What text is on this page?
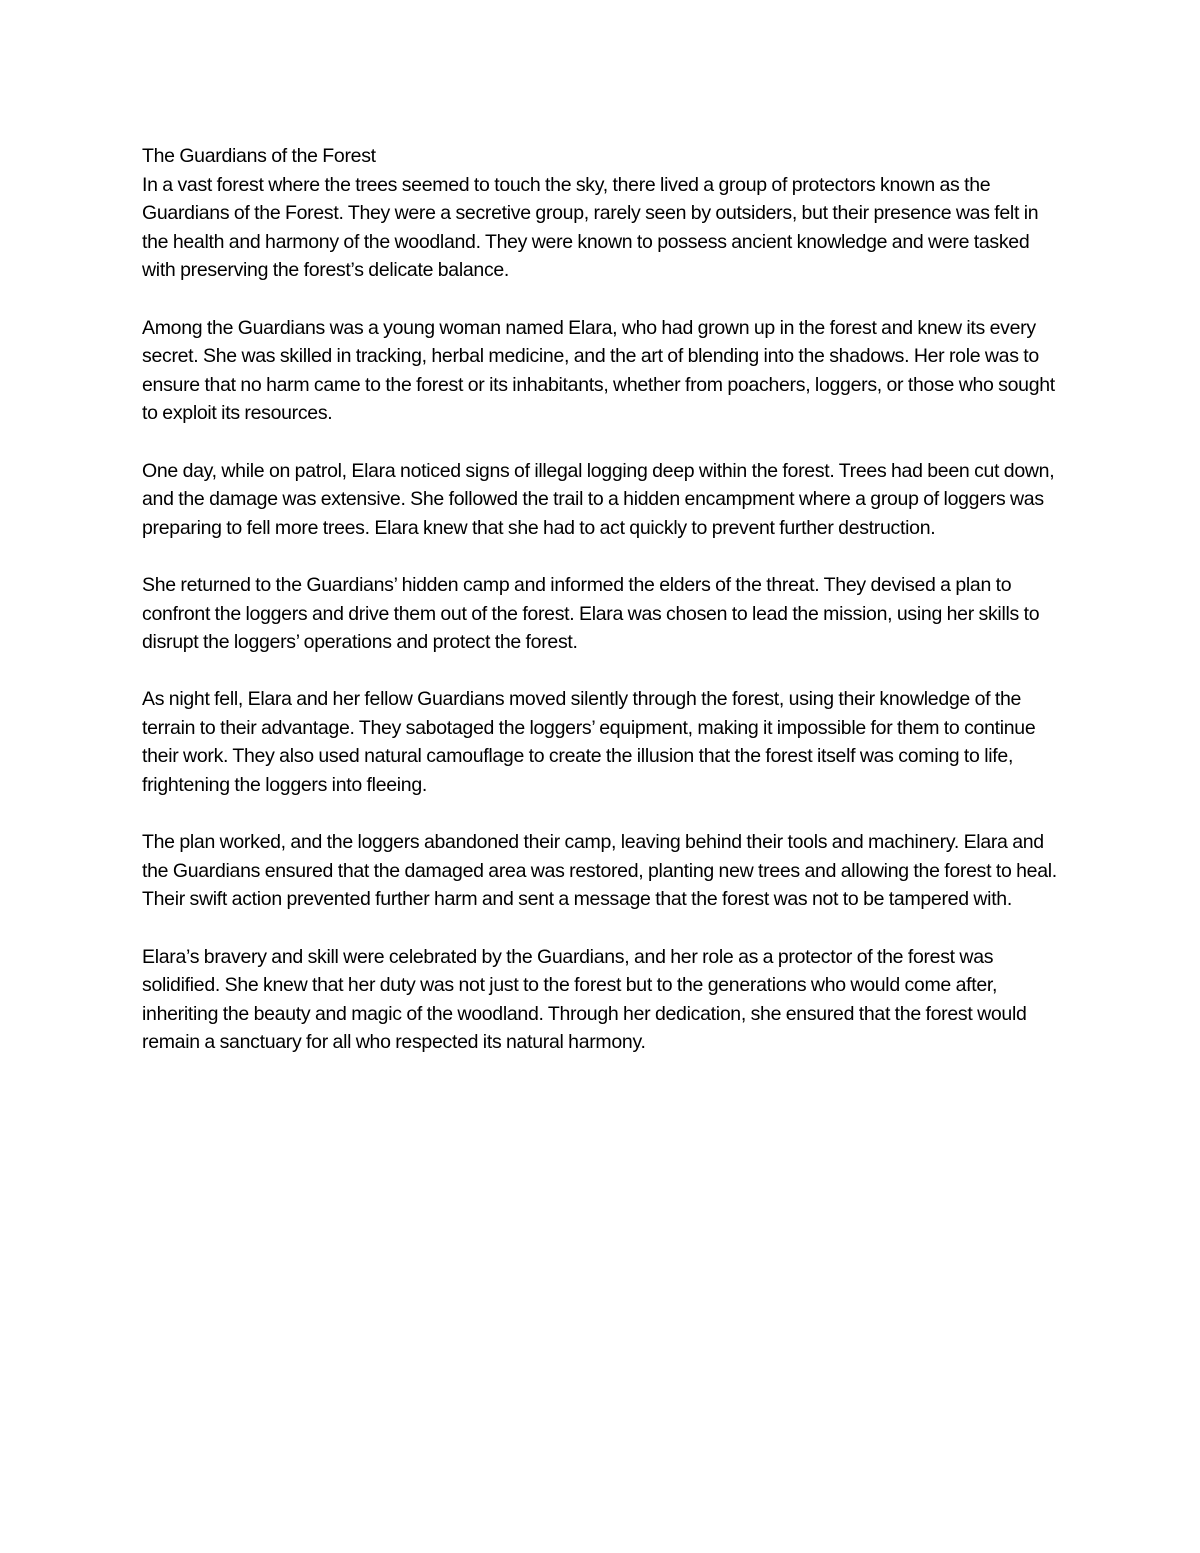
The Guardians of the Forest

In a vast forest where the trees seemed to touch the sky, there lived a group of protectors known as the Guardians of the Forest. They were a secretive group, rarely seen by outsiders, but their presence was felt in the health and harmony of the woodland. They were known to possess ancient knowledge and were tasked with preserving the forest’s delicate balance.

Among the Guardians was a young woman named Elara, who had grown up in the forest and knew its every secret. She was skilled in tracking, herbal medicine, and the art of blending into the shadows. Her role was to ensure that no harm came to the forest or its inhabitants, whether from poachers, loggers, or those who sought to exploit its resources.

One day, while on patrol, Elara noticed signs of illegal logging deep within the forest. Trees had been cut down, and the damage was extensive. She followed the trail to a hidden encampment where a group of loggers was preparing to fell more trees. Elara knew that she had to act quickly to prevent further destruction.

She returned to the Guardians’ hidden camp and informed the elders of the threat. They devised a plan to confront the loggers and drive them out of the forest. Elara was chosen to lead the mission, using her skills to disrupt the loggers’ operations and protect the forest.

As night fell, Elara and her fellow Guardians moved silently through the forest, using their knowledge of the terrain to their advantage. They sabotaged the loggers’ equipment, making it impossible for them to continue their work. They also used natural camouflage to create the illusion that the forest itself was coming to life, frightening the loggers into fleeing.

The plan worked, and the loggers abandoned their camp, leaving behind their tools and machinery. Elara and the Guardians ensured that the damaged area was restored, planting new trees and allowing the forest to heal. Their swift action prevented further harm and sent a message that the forest was not to be tampered with.

Elara’s bravery and skill were celebrated by the Guardians, and her role as a protector of the forest was solidified. She knew that her duty was not just to the forest but to the generations who would come after, inheriting the beauty and magic of the woodland. Through her dedication, she ensured that the forest would remain a sanctuary for all who respected its natural harmony.
